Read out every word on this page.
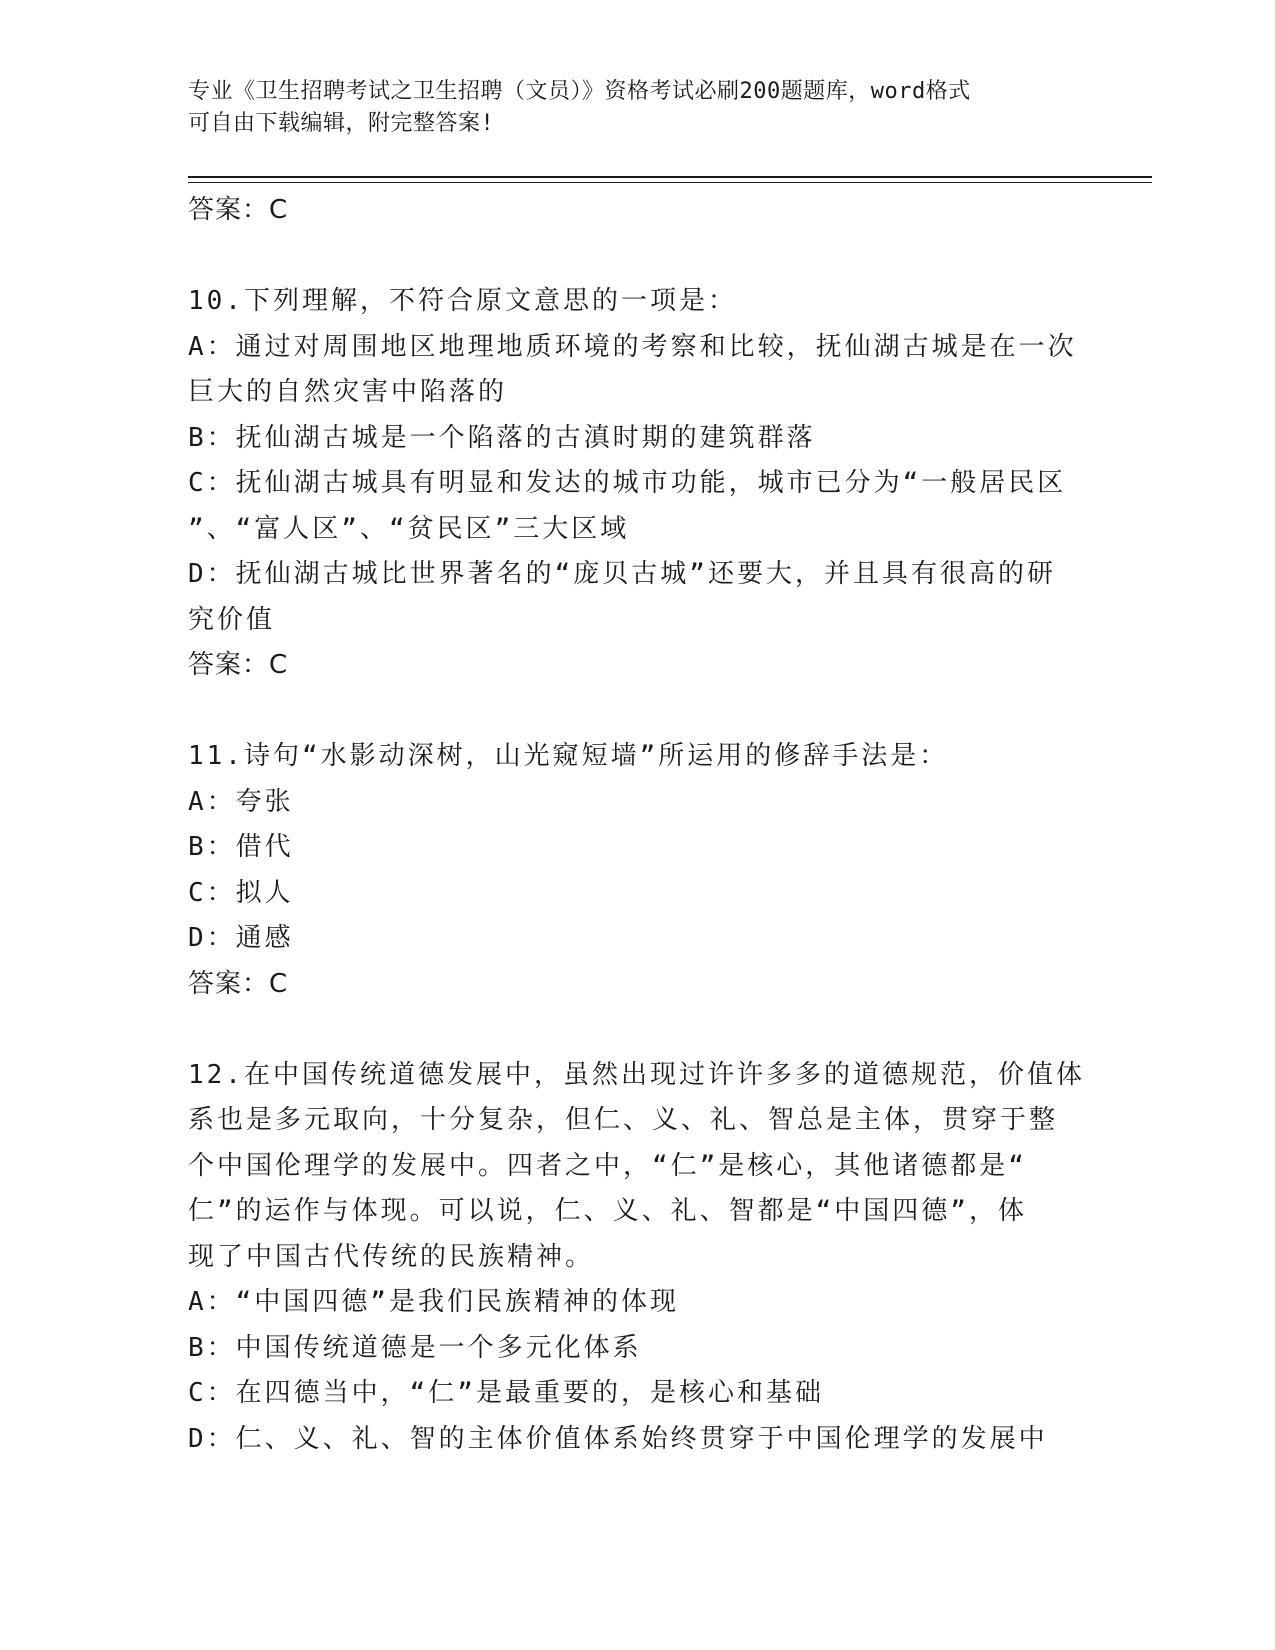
专业《卫生招聘考试之卫生招聘（文员）》资格考试必刷200题题库，word格式
可自由下载编辑，附完整答案!
答案：C
10.下列理解，不符合原文意思的一项是：
A：通过对周围地区地理地质环境的考察和比较，抚仙湖古城是在一次
巨大的自然灾害中陷落的
B：抚仙湖古城是一个陷落的古滇时期的建筑群落
C：抚仙湖古城具有明显和发达的城市功能，城市已分为“一般居民区
”、“富人区”、“贫民区”三大区域
D：抚仙湖古城比世界著名的“庞贝古城”还要大，并且具有很高的研
究价值
答案：C
11.诗句“水影动深树，山光窥短墙”所运用的修辞手法是：
A：夸张
B：借代
C：拟人
D：通感
答案：C
12.在中国传统道德发展中，虽然出现过许许多多的道德规范，价值体
系也是多元取向，十分复杂，但仁、义、礼、智总是主体，贯穿于整
个中国伦理学的发展中。四者之中，“仁”是核心，其他诸德都是“
仁”的运作与体现。可以说，仁、义、礼、智都是“中国四德”，体
现了中国古代传统的民族精神。
A：“中国四德”是我们民族精神的体现
B：中国传统道德是一个多元化体系
C：在四德当中，“仁”是最重要的，是核心和基础
D：仁、义、礼、智的主体价值体系始终贯穿于中国伦理学的发展中
